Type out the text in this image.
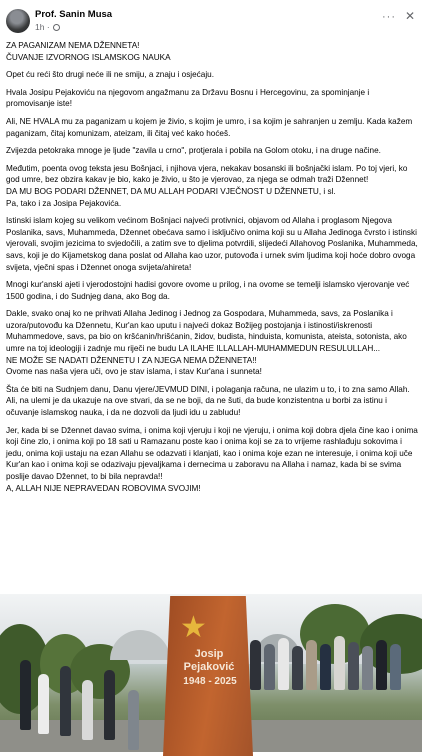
Prof. Sanin Musa
1h ·
··· ✕

ZA PAGANIZAM NEMA DŽENNETA!
ČUVANJE IZVORNOG ISLAMSKOG NAUKA

Opet ću reći što drugi neće ili ne smiju, a znaju i osjećaju.

Hvala Josipu Pejakoviću na njegovom angažmanu za Državu Bosnu i Hercegovinu, za spominjanje i promovisanje iste!

Ali, NE HVALA mu za paganizam u kojem je živio, s kojim je umro, i sa kojim je sahranjen u zemlju. Kada kažem paganizam, čitaj komunizam, ateizam, ili čitaj već kako hoćeš.

Zvijezda petokraka mnoge je ljude "zavila u crno", protjerala i pobila na Golom otoku, i na druge načine.

Međutim, poenta ovog teksta jesu Bošnjaci, i njihova vjera, nekakav bosanski ili bošnjački islam. Po toj vjeri, ko god umre, bez obzira kakav je bio, kako je živio, u što je vjerovao, za njega se odmah traži Džennet!
DA MU BOG PODARI DŽENNET, DA MU ALLAH PODARI VJEČNOST U DŽENNETU, i sl.
Pa, tako i za Josipa Pejakovića.

Istinski islam kojeg su velikom većinom Bošnjaci najveći protivnici, objavom od Allaha i proglasom Njegova Poslanika, savs, Muhammeda, Džennet obećava samo i isključivo onima koji su u Allaha Jedinoga čvrsto i istinski vjerovali, svojim jezicima to svjedočili, a zatim sve to djelima potvrdili, slijedeći Allahovog Poslanika, Muhammeda, savs, koji je do Kijametskog dana poslat od Allaha kao uzor, putovođa i urnek svim ljudima koji hoće dobro ovoga svijeta, vječni spas i Džennet onoga svijeta/ahireta!

Mnogi kur'anski ajeti i vjerodostojni hadisi govore ovome u prilog, i na ovome se temelji islamsko vjerovanje već 1500 godina, i do Sudnjeg dana, ako Bog da.

Dakle, svako onaj ko ne prihvati Allaha Jedinog i Jednog za Gospodara, Muhammeda, savs, za Poslanika i uzora/putovođu ka Džennetu, Kur'an kao uputu i najveći dokaz Božijeg postojanja i istinosti/iskrenosti Muhammedove, savs, pa bio on kršćanin/hrišćanin, židov, budista, hinduista, komunista, ateista, sotonista, ako umre na toj ideologiji i zadnje mu riječi ne budu LA ILAHE ILLALLAH-MUHAMMEDUN RESULULLAH...
NE MOŽE SE NADATI DŽENNETU I ZA NJEGA NEMA DŽENNETA!!
Ovome nas naša vjera uči, ovo je stav islama, i stav Kur'ana i sunneta!

Šta će biti na Sudnjem danu, Danu vjere/JEVMUD DINI, i polaganja računa, ne ulazim u to, i to zna samo Allah.
Ali, na ulemi je da ukazuje na ove stvari, da se ne boji, da ne šuti, da bude konzistentna u borbi za istinu i očuvanje islamskog nauka, i da ne dozvoli da ljudi idu u zabludu!

Jer, kada bi se Džennet davao svima, i onima koji vjeruju i koji ne vjeruju, i onima koji dobra djela čine kao i onima koji čine zlo, i onima koji po 18 sati u Ramazanu poste kao i onima koji se za to vrijeme rashlađuju sokovima i jedu, onima koji ustaju na ezan Allahu se odazvati i klanjati, kao i onima koje ezan ne interesuje, i onima koji uče Kur'an kao i onima koji se odazivaju pjevaljkama i dernecima u zaboravu na Allaha i namaz, kada bi se svima poslije davao Džennet, to bi bila nepravda!!
A, ALLAH NIJE NEPRAVEDAN ROBOVIMA SVOJIM!

★
Josip Pejaković
1948 - 2025
